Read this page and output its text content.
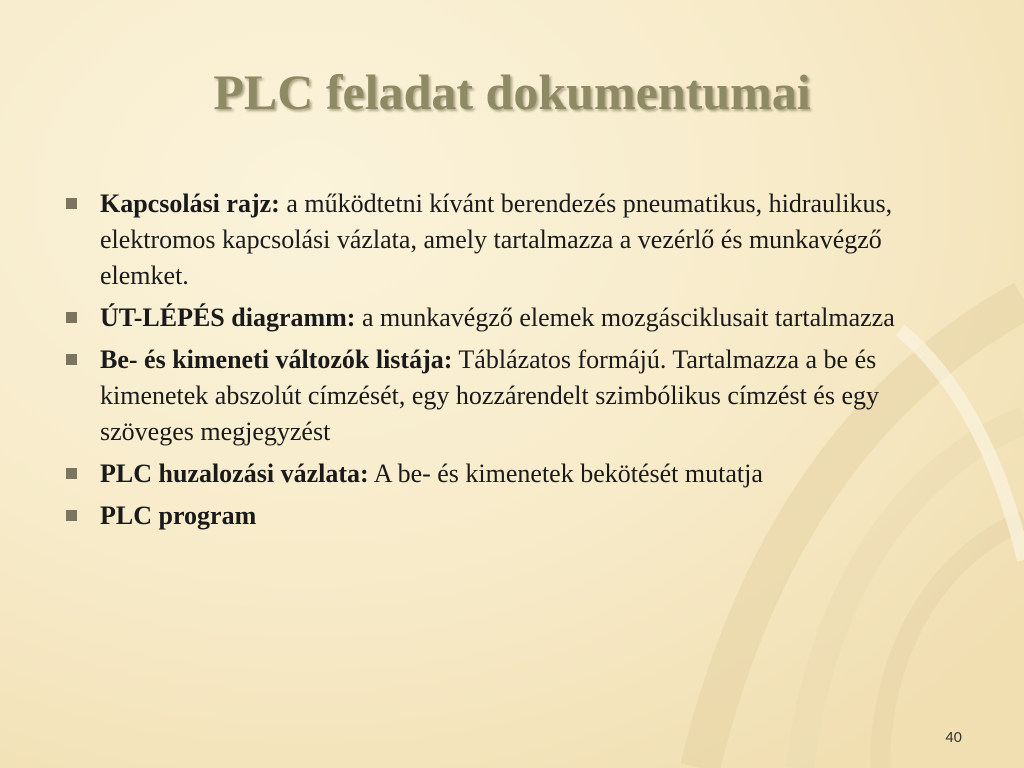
PLC feladat dokumentumai
Kapcsolási rajz: a működtetni kívánt berendezés pneumatikus, hidraulikus, elektromos kapcsolási vázlata, amely tartalmazza a vezérlő és munkavégző elemket.
ÚT-LÉPÉS diagramm: a munkavégző elemek mozgásciklusait tartalmazza
Be- és kimeneti változók listája: Táblázatos formájú. Tartalmazza a be és kimenetek abszolút címzését, egy hozzárendelt szimbólikus címzést és egy szöveges megjegyzést
PLC huzalozási vázlata: A be- és kimenetek bekötését mutatja
PLC program
40
